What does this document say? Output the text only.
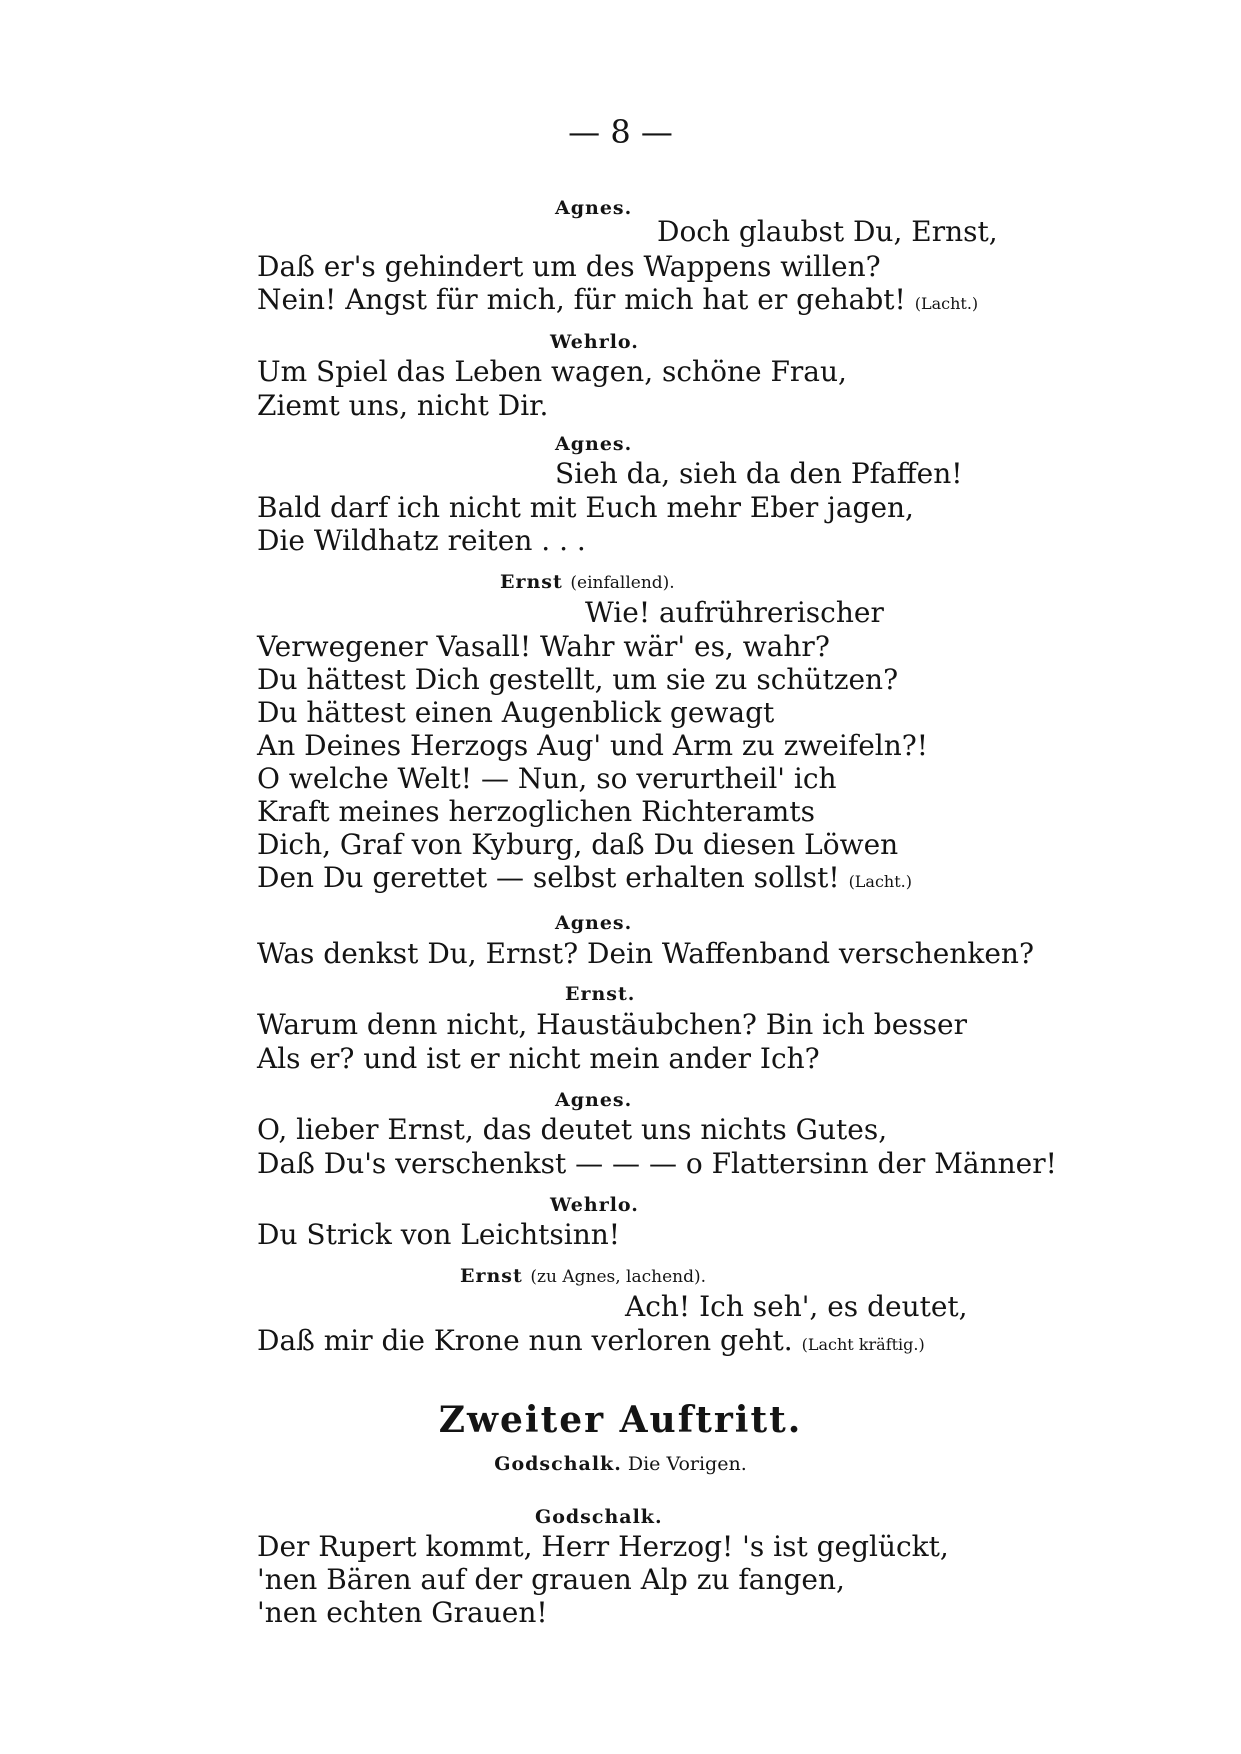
— 8 —
Agnes.
Doch glaubst Du, Ernst,
Daß er's gehindert um des Wappens willen?
Nein! Angst für mich, für mich hat er gehabt! (Lacht.)
Wehrlo.
Um Spiel das Leben wagen, schöne Frau,
Ziemt uns, nicht Dir.
Agnes.
Sieh da, sieh da den Pfaffen!
Bald darf ich nicht mit Euch mehr Eber jagen,
Die Wildhatz reiten . . .
Ernst (einfallend).
Wie! aufrührerischer
Verwegener Vasall! Wahr wär' es, wahr?
Du hättest Dich gestellt, um sie zu schützen?
Du hättest einen Augenblick gewagt
An Deines Herzogs Aug' und Arm zu zweifeln?!
O welche Welt! — Nun, so verurtheil' ich
Kraft meines herzoglichen Richteramts
Dich, Graf von Kyburg, daß Du diesen Löwen
Den Du gerettet — selbst erhalten sollst! (Lacht.)
Agnes.
Was denkst Du, Ernst? Dein Waffenband verschenken?
Ernst.
Warum denn nicht, Haustäubchen? Bin ich besser
Als er? und ist er nicht mein ander Ich?
Agnes.
O, lieber Ernst, das deutet uns nichts Gutes,
Daß Du's verschenkst — — — o Flattersinn der Männer!
Wehrlo.
Du Strick von Leichtsinn!
Ernst (zu Agnes, lachend).
Ach! Ich seh', es deutet,
Daß mir die Krone nun verloren geht. (Lacht kräftig.)
Zweiter Auftritt.
Godschalk. Die Vorigen.
Godschalk.
Der Rupert kommt, Herr Herzog! 's ist geglückt,
'nen Bären auf der grauen Alp zu fangen,
'nen echten Grauen!
